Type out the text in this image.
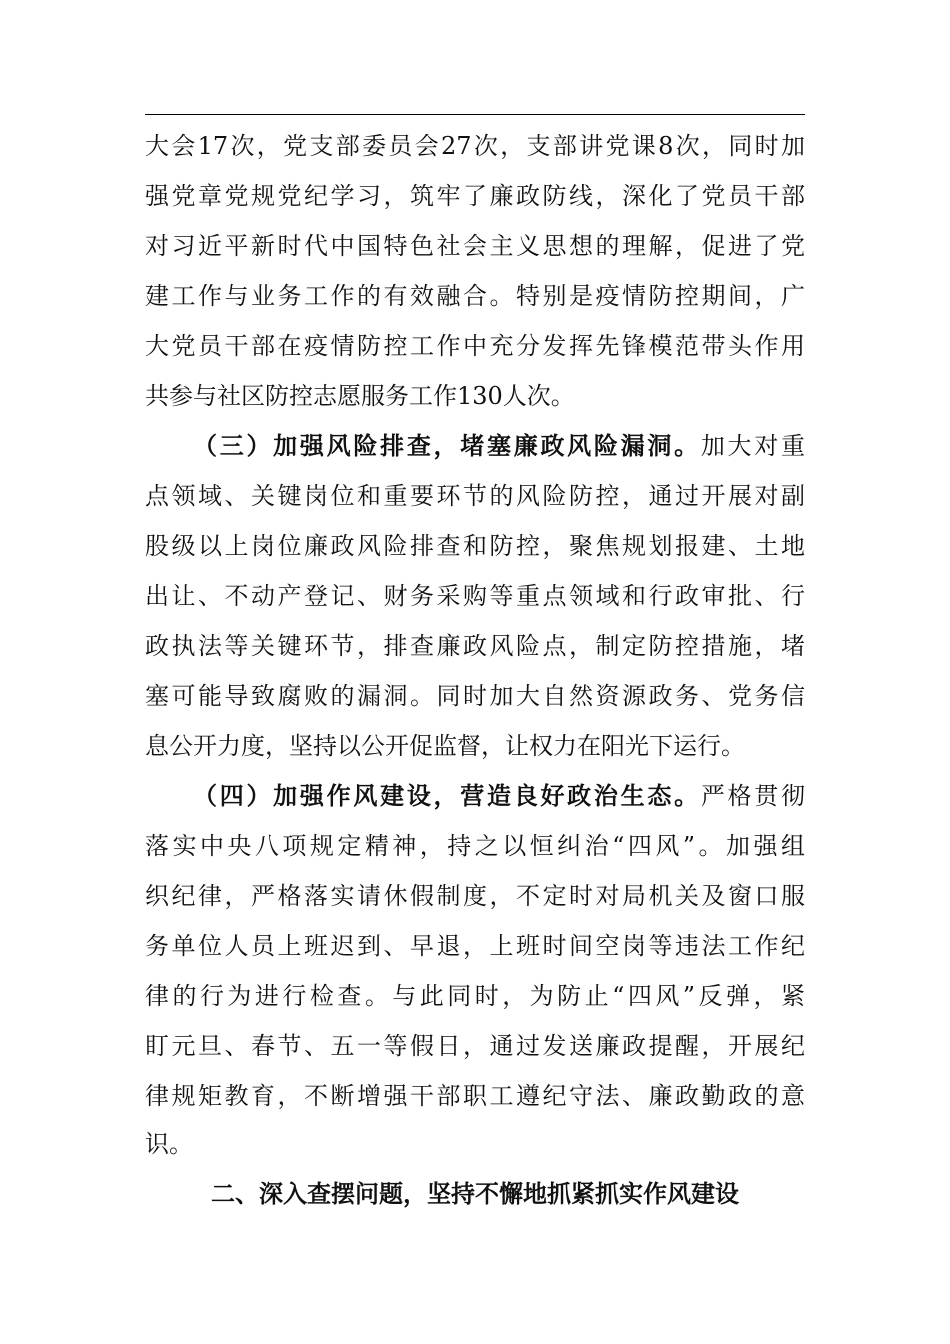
大会17次，党支部委员会27次，支部讲党课8次，同时加
强党章党规党纪学习，筑牢了廉政防线，深化了党员干部
对习近平新时代中国特色社会主义思想的理解，促进了党
建工作与业务工作的有效融合。特别是疫情防控期间，广
大党员干部在疫情防控工作中充分发挥先锋模范带头作用
共参与社区防控志愿服务工作130人次。
（三）加强风险排查，堵塞廉政风险漏洞。加大对重
点领域、关键岗位和重要环节的风险防控，通过开展对副
股级以上岗位廉政风险排查和防控，聚焦规划报建、土地
出让、不动产登记、财务采购等重点领域和行政审批、行
政执法等关键环节，排查廉政风险点，制定防控措施，堵
塞可能导致腐败的漏洞。同时加大自然资源政务、党务信
息公开力度，坚持以公开促监督，让权力在阳光下运行。
（四）加强作风建设，营造良好政治生态。严格贯彻
落实中央八项规定精神，持之以恒纠治“四风”。加强组
织纪律，严格落实请休假制度，不定时对局机关及窗口服
务单位人员上班迟到、早退，上班时间空岗等违法工作纪
律的行为进行检查。与此同时，为防止“四风”反弹，紧
盯元旦、春节、五一等假日，通过发送廉政提醒，开展纪
律规矩教育，不断增强干部职工遵纪守法、廉政勤政的意
识。
二、深入查摆问题，坚持不懈地抓紧抓实作风建设
